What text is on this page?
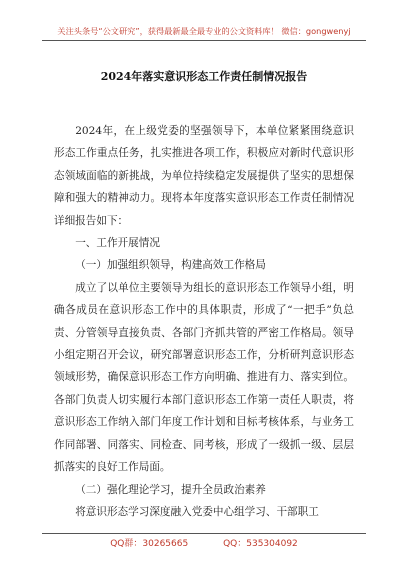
关注头条号“公文研究”，获得最新最全最专业的公文资料库！ 微信：gongwenyj
2024年落实意识形态工作责任制情况报告

2024年，在上级党委的坚强领导下，本单位紧紧围绕意识形态工作重点任务，扎实推进各项工作，积极应对新时代意识形态领域面临的新挑战，为单位持续稳定发展提供了坚实的思想保障和强大的精神动力。现将本年度落实意识形态工作责任制情况详细报告如下：

一、工作开展情况

（一）加强组织领导，构建高效工作格局

成立了以单位主要领导为组长的意识形态工作领导小组，明确各成员在意识形态工作中的具体职责，形成了“一把手”负总责、分管领导直接负责、各部门齐抓共管的严密工作格局。领导小组定期召开会议，研究部署意识形态工作，分析研判意识形态领域形势，确保意识形态工作方向明确、推进有力、落实到位。各部门负责人切实履行本部门意识形态工作第一责任人职责，将意识形态工作纳入部门年度工作计划和目标考核体系，与业务工作同部署、同落实、同检查、同考核，形成了一级抓一级、层层抓落实的良好工作局面。

（二）强化理论学习，提升全员政治素养

将意识形态学习深度融入党委中心组学习、干部职工

QQ群：30265665	QQ：535304092
